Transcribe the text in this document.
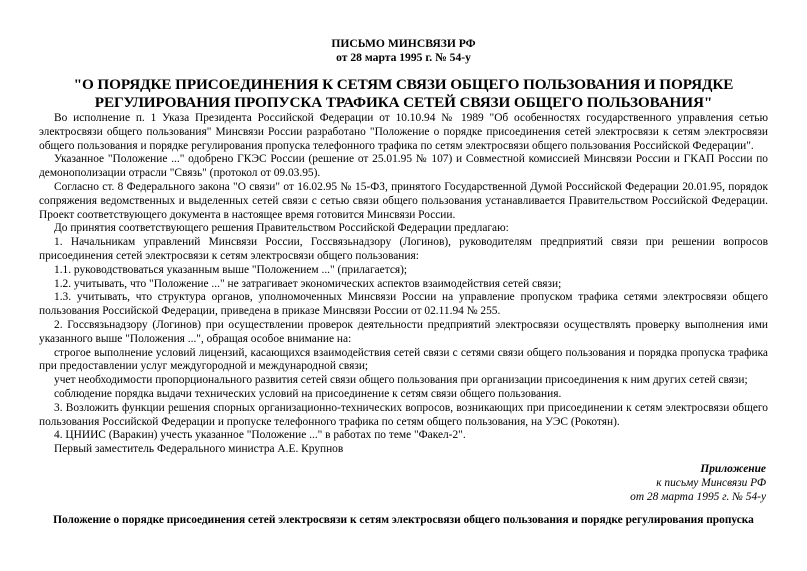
ПИСЬМО МИНСВЯЗИ РФ
от 28 марта 1995 г. № 54-у
"О ПОРЯДКЕ ПРИСОЕДИНЕНИЯ К СЕТЯМ СВЯЗИ ОБЩЕГО ПОЛЬЗОВАНИЯ И ПОРЯДКЕ РЕГУЛИРОВАНИЯ ПРОПУСКА ТРАФИКА СЕТЕЙ СВЯЗИ ОБЩЕГО ПОЛЬЗОВАНИЯ"

Во исполнение п. 1 Указа Президента Российской Федерации от 10.10.94 № 1989 "Об особенностях государственного управления сетью электросвязи общего пользования" Минсвязи России разработано "Положение о порядке присоединения сетей электросвязи к сетям электросвязи общего пользования и порядке регулирования пропуска телефонного трафика по сетям электросвязи общего пользования Российской Федерации".

Указанное "Положение ..." одобрено ГКЭС России (решение от 25.01.95 № 107) и Совместной комиссией Минсвязи России и ГКАП России по демонополизации отрасли "Связь" (протокол от 09.03.95).

Согласно ст. 8 Федерального закона "О связи" от 16.02.95 № 15-ФЗ, принятого Государственной Думой Российской Федерации 20.01.95, порядок сопряжения ведомственных и выделенных сетей связи с сетью связи общего пользования устанавливается Правительством Российской Федерации. Проект соответствующего документа в настоящее время готовится Минсвязи России.

До принятия соответствующего решения Правительством Российской Федерации предлагаю:

1. Начальникам управлений Минсвязи России, Госсвязьнадзору (Логинов), руководителям предприятий связи при решении вопросов присоединения сетей электросвязи к сетям электросвязи общего пользования:

1.1. руководствоваться указанным выше "Положением ..." (прилагается);

1.2. учитывать, что "Положение ..." не затрагивает экономических аспектов взаимодействия сетей связи;

1.3. учитывать, что структура органов, уполномоченных Минсвязи России на управление пропуском трафика сетями электросвязи общего пользования Российской Федерации, приведена в приказе Минсвязи России от 02.11.94 № 255.

2. Госсвязьнадзору (Логинов) при осуществлении проверок деятельности предприятий электросвязи осуществлять проверку выполнения ими указанного выше "Положения ...", обращая особое внимание на:

строгое выполнение условий лицензий, касающихся взаимодействия сетей связи с сетями связи общего пользования и порядка пропуска трафика при предоставлении услуг междугородной и международной связи;

учет необходимости пропорционального развития сетей связи общего пользования при организации присоединения к ним других сетей связи;

соблюдение порядка выдачи технических условий на присоединение к сетям связи общего пользования.

3. Возложить функции решения спорных организационно-технических вопросов, возникающих при присоединении к сетям электросвязи общего пользования Российской Федерации и пропуске телефонного трафика по сетям общего пользования, на УЭС (Рокотян).

4. ЦНИИС (Варакин) учесть указанное "Положение ..." в работах по теме "Факел-2".

Первый заместитель Федерального министра А.Е. Крупнов

Приложение
к письму Минсвязи РФ
от 28 марта 1995 г. № 54-у
Положение о порядке присоединения сетей электросвязи к сетям электросвязи общего пользования и порядке регулирования пропуска
